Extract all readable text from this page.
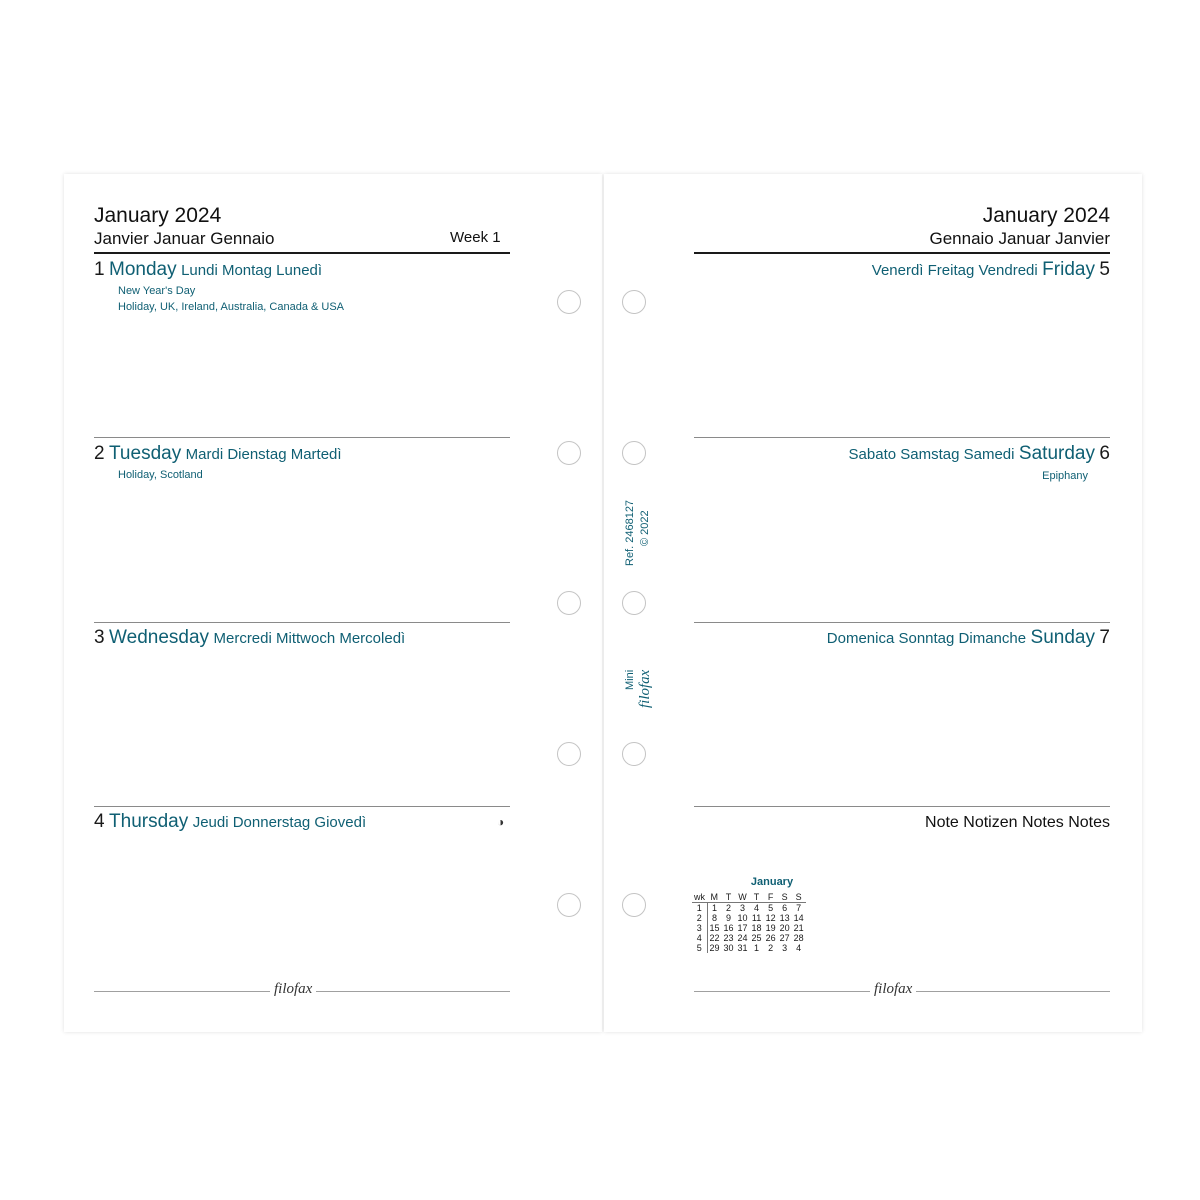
January 2024
Janvier Januar Gennaio	Week 1
1 Monday Lundi Montag Lunedì
New Year's Day
Holiday, UK, Ireland, Australia, Canada & USA
2 Tuesday Mardi Dienstag Martedì
Holiday, Scotland
3 Wednesday Mercredi Mittwoch Mercoledì
4 Thursday Jeudi Donnerstag Giovedì	◑
filofax
January 2024
Gennaio Januar Janvier
Venerdì Freitag Vendredi Friday 5
Sabato Samstag Samedi Saturday 6
Epiphany
Domenica Sonntag Dimanche Sunday 7
Note Notizen Notes Notes
January
wk	M	T	W	T	F	S	S
1	1	2	3	4	5	6	7
2	8	9	10	11	12	13	14
3	15	16	17	18	19	20	21
4	22	23	24	25	26	27	28
5	29	30	31	1	2	3	4
filofax
Ref. 2468127 © 2022
Mini filofax
